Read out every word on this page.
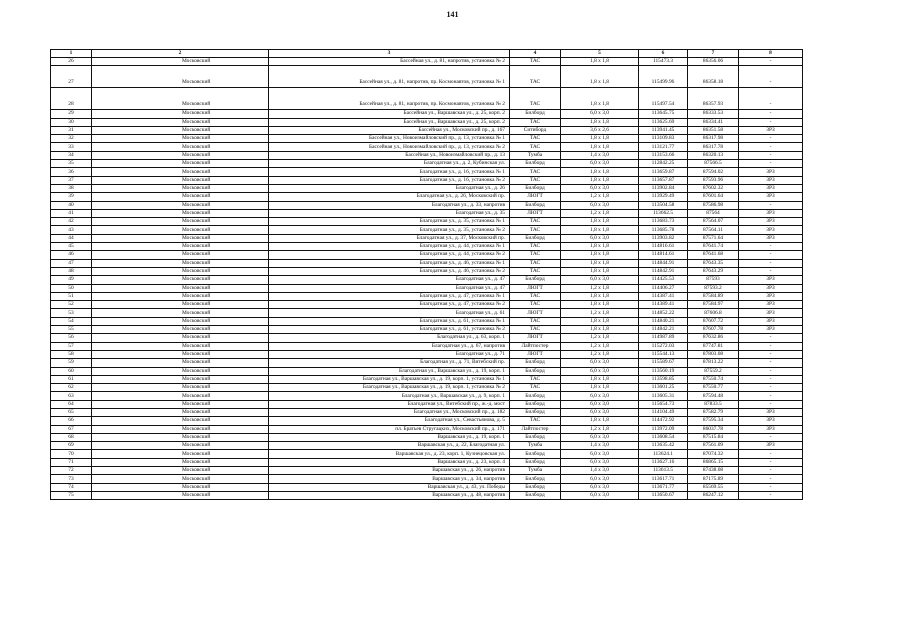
141
1	2	3	4	5	6	7	8
26	Московский	Бассейная ул., д. 81, напротив, установка № 2	ТАС	1,8 x 1,8	115473.3	86356.06	-
27	Московский	Бассейная ул., д. 81, напротив, пр. Космонавтов, установка № 1	ТАС	1,8 x 1,8	115499.96	86358.18	-
28	Московский	Бассейная ул., д. 81, напротив, пр. Космонавтов, установка № 2	ТАС	1,8 x 1,8	115497.54	86357.93	-
29	Московский	Бассейная ул., Варшавская ул., д. 25, корп. 2	Билборд	6,0 x 3,0	113645.75	86333.53	-
30	Московский	Бассейная ул., Варшавская ул., д. 25, корп. 2	ТАС	1,8 x 1,8	113625.69	86334.41	-
31	Московский	Бассейная ул., Московский пр., д. 167	Ситиборд	3,6 x 2,6	113941.45	86351.58	ЗРЗ
32	Московский	Бассейная ул., Новоизмайловский пр., д. 13, установка № 1	ТАС	1,8 x 1,8	113109.83	86317.98	-
33	Московский	Бассейная ул., Новоизмайловский пр., д. 13, установка № 2	ТАС	1,8 x 1,8	113121.77	86317.78	-
34	Московский	Бассейная ул., Новоизмайловский пр., д. 13	Тумба	1,4 x 3,0	113153.66	86320.13	-
35	Московский	Благодатная ул., д. 2, Кубинская ул.	Билборд	6,0 x 3,0	112842.25	87566.5	-
36	Московский	Благодатная ул., д. 16, установка № 1	ТАС	1,8 x 1,8	113659.87	87594.02	ЗРЗ
37	Московский	Благодатная ул., д. 16, установка № 2	ТАС	1,8 x 1,8	113657.87	87593.96	ЗРЗ
38	Московский	Благодатная ул., д. 26	Билборд	6,0 x 3,0	113902.84	87602.32	ЗРЗ
39	Московский	Благодатная ул., д. 26, Московский пр.	ЛЮГТ	1,2 x 1,8	113929.49	87601.64	ЗРЗ
40	Московский	Благодатная ул., д. 33, напротив	Билборд	6,0 x 3,0	113504.58	87586.98	-
41	Московский	Благодатная ул., д. 35	ЛЮГТ	1,2 x 1,8	113662.5	87564	ЗРЗ
42	Московский	Благодатная ул., д. 35, установка № 1	ТАС	1,8 x 1,8	113683.73	87564.07	ЗРЗ
43	Московский	Благодатная ул., д. 35, установка № 2	ТАС	1,8 x 1,8	113685.78	87564.11	ЗРЗ
44	Московский	Благодатная ул., д. 37, Московский пр.	Билборд	6,0 x 3,0	113903.82	87571.64	ЗРЗ
45	Московский	Благодатная ул., д. 44, установка № 1	ТАС	1,8 x 1,8	114816.61	87641.74	-
46	Московский	Благодатная ул., д. 44, установка № 2	ТАС	1,8 x 1,8	114814.61	87641.68	-
47	Московский	Благодатная ул., д. 46, установка № 1	ТАС	1,8 x 1,8	114844.91	87643.35	-
48	Московский	Благодатная ул., д. 46, установка № 2	ТАС	1,8 x 1,8	114842.91	87643.29	-
49	Московский	Благодатная ул., д. 47	Билборд	6,0 x 3,0	114425.53	87593	ЗРЗ
50	Московский	Благодатная ул., д. 47	ЛЮГТ	1,2 x 1,8	114406.27	87593.2	ЗРЗ
51	Московский	Благодатная ул., д. 47, установка № 1	ТАС	1,8 x 1,8	114387.41	87584.89	ЗРЗ
52	Московский	Благодатная ул., д. 47, установка № 2	ТАС	1,8 x 1,8	114389.41	87584.97	ЗРЗ
53	Московский	Благодатная ул., д. 61	ЛЮГТ	1,2 x 1,8	114852.22	87606.8	ЗРЗ
54	Московский	Благодатная ул., д. 61, установка № 1	ТАС	1,8 x 1,8	114840.21	87607.72	ЗРЗ
55	Московский	Благодатная ул., д. 61, установка № 2	ТАС	1,8 x 1,8	114842.21	87607.78	ЗРЗ
56	Московский	Благодатная ул., д. 63, корп. 1	ЛЮГТ	1,2 x 1,8	114987.89	87632.86	-
57	Московский	Благодатная ул., д. 67, напротив	Лайтпостер	1,2 x 1,8	115272.03	87747.81	-
58	Московский	Благодатная ул., д. 71	ЛЮГТ	1,2 x 1,8	115544.13	87803.08	-
59	Московский	Благодатная ул., д. 71, Витебский пр.	Билборд	6,0 x 3,0	115589.67	87813.22	-
60	Московский	Благодатная ул., Варшавская ул., д. 19, корп. 1	Билборд	6,0 x 3,0	113560.19	87559.2	-
61	Московский	Благодатная ул., Варшавская ул., д. 19, корп. 1, установка № 1	ТАС	1,8 x 1,8	113598.85	87550.74	-
62	Московский	Благодатная ул., Варшавская ул., д. 19, корп. 1, установка № 2	ТАС	1,8 x 1,8	113601.25	87550.77	-
63	Московский	Благодатная ул., Варшавская ул., д. 9, корп. 1	Билборд	6,0 x 3,0	113605.31	87594.48	-
64	Московский	Благодатная ул., Витебский пр., ж.-д. мост	Билборд	6,0 x 3,0	115654.73	87833.5	-
65	Московский	Благодатная ул., Московский пр., д. 182	Билборд	6,0 x 3,0	114104.49	87582.79	ЗРЗ
66	Московский	Благодатная ул., Севастьянова, д. 5	ТАС	1,8 x 1,8	114472.92	87595.34	ЗРЗ
67	Московский	пл. Братьев Стругацких, Московский пр., д. 171	Лайтпостер	1,2 x 1,8	113972.09	86037.78	ЗРЗ
68	Московский	Варшавская ул., д. 19, корп. 1	Билборд	6,0 x 3,0	113608.54	87515.84	-
69	Московский	Варшавская ул., д. 22, Благодатная ул.	Тумба	1,4 x 3,0	113635.42	87561.09	ЗРЗ
70	Московский	Варшавская ул., д. 23, корп. 1, Кузнецовская ул.	Билборд	6,0 x 3,0	113624.1	87074.32	-
71	Московский	Варшавская ул., д. 23, корп. 4	Билборд	6,0 x 3,0	113627.16	86865.15	-
72	Московский	Варшавская ул., д. 26, напротив	Тумба	1,4 x 3,0	113613.5	87438.08	-
73	Московский	Варшавская ул., д. 34, напротив	Билборд	6,0 x 3,0	113617.71	87175.89	-
74	Московский	Варшавская ул., д. 43, ул. Победы	Билборд	6,0 x 3,0	113671.77	85569.55	-
75	Московский	Варшавская ул., д. 48, напротив	Билборд	6,0 x 3,0	113650.67	86247.12	-
